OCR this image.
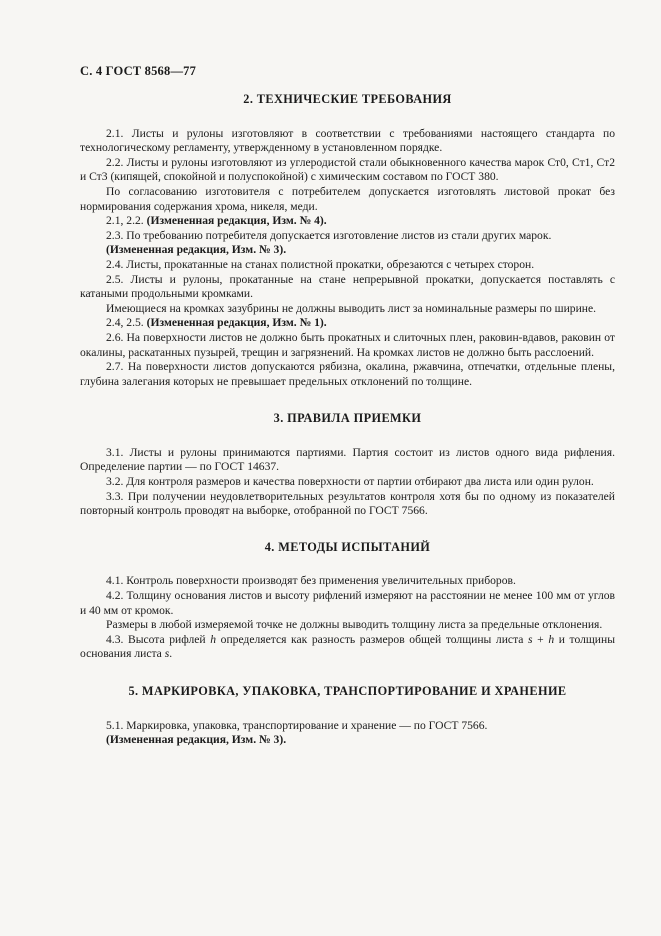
С. 4 ГОСТ 8568—77
2. ТЕХНИЧЕСКИЕ ТРЕБОВАНИЯ

2.1. Листы и рулоны изготовляют в соответствии с требованиями настоящего стандарта по технологическому регламенту, утвержденному в установленном порядке.

2.2. Листы и рулоны изготовляют из углеродистой стали обыкновенного качества марок Ст0, Ст1, Ст2 и Ст3 (кипящей, спокойной и полуспокойной) с химическим составом по ГОСТ 380.

По согласованию изготовителя с потребителем допускается изготовлять листовой прокат без нормирования содержания хрома, никеля, меди.

2.1, 2.2. (Измененная редакция, Изм. № 4).

2.3. По требованию потребителя допускается изготовление листов из стали других марок.

(Измененная редакция, Изм. № 3).

2.4. Листы, прокатанные на станах полистной прокатки, обрезаются с четырех сторон.

2.5. Листы и рулоны, прокатанные на стане непрерывной прокатки, допускается поставлять с катаными продольными кромками.

Имеющиеся на кромках зазубрины не должны выводить лист за номинальные размеры по ширине.

2.4, 2.5. (Измененная редакция, Изм. № 1).

2.6. На поверхности листов не должно быть прокатных и слиточных плен, раковин-вдавов, раковин от окалины, раскатанных пузырей, трещин и загрязнений. На кромках листов не должно быть расслоений.

2.7. На поверхности листов допускаются рябизна, окалина, ржавчина, отпечатки, отдельные плены, глубина залегания которых не превышает предельных отклонений по толщине.

3. ПРАВИЛА ПРИЕМКИ

3.1. Листы и рулоны принимаются партиями. Партия состоит из листов одного вида рифления. Определение партии — по ГОСТ 14637.

3.2. Для контроля размеров и качества поверхности от партии отбирают два листа или один рулон.

3.3. При получении неудовлетворительных результатов контроля хотя бы по одному из показателей повторный контроль проводят на выборке, отобранной по ГОСТ 7566.

4. МЕТОДЫ ИСПЫТАНИЙ

4.1. Контроль поверхности производят без применения увеличительных приборов.

4.2. Толщину основания листов и высоту рифлений измеряют на расстоянии не менее 100 мм от углов и 40 мм от кромок.

Размеры в любой измеряемой точке не должны выводить толщину листа за предельные отклонения.

4.3. Высота рифлей h определяется как разность размеров общей толщины листа s + h и толщины основания листа s.

5. МАРКИРОВКА, УПАКОВКА, ТРАНСПОРТИРОВАНИЕ И ХРАНЕНИЕ

5.1. Маркировка, упаковка, транспортирование и хранение — по ГОСТ 7566.

(Измененная редакция, Изм. № 3).
